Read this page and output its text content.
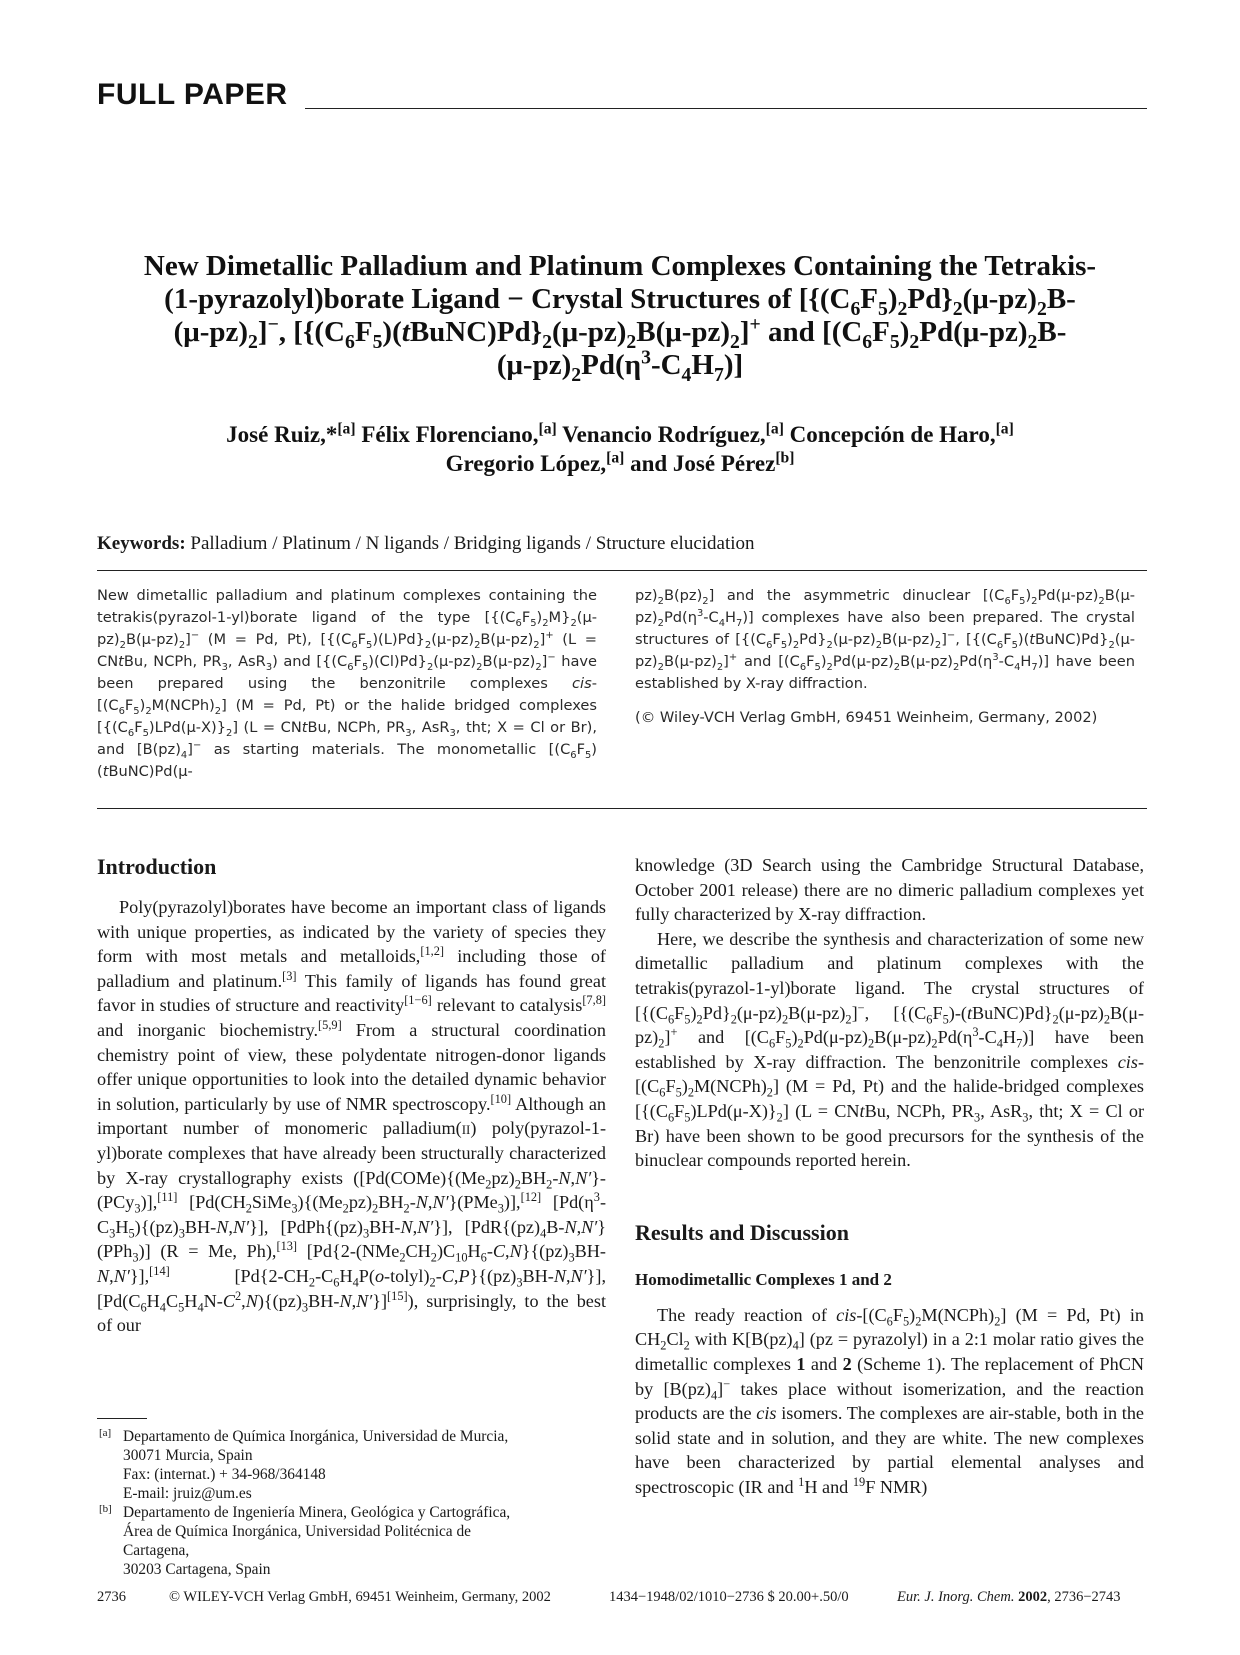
FULL PAPER
New Dimetallic Palladium and Platinum Complexes Containing the Tetrakis-
(1-pyrazolyl)borate Ligand − Crystal Structures of [$\{(C_6F_5)_2Pd\}_2(\mu-pz)_2B-$
$(\mu-pz)_2]^-$, $[\{(C_6F_5)(tBuNC)Pd\}_2(\mu-pz)_2B(\mu-pz)_2]^+$ and [$(C_6F_5)_2Pd(\mu-pz)_2B-$
$(\mu-pz)_2Pd(\eta^3-C_4H_7)$]
José Ruiz,*[a] Félix Florenciano,[a] Venancio Rodríguez,[a] Concepción de Haro,[a]
Gregorio López,[a] and José Pérez[b]
Keywords: Palladium / Platinum / N ligands / Bridging ligands / Structure elucidation

New dimetallic palladium and platinum complexes containing the tetrakis(pyrazol-1-yl)borate ligand of the type $[\{(C_6F_5)_2M\}_2(\mu-pz)_2B(\mu-pz)_2]^-$ (M = Pd, Pt), $[\{(C_6F_5)(L)Pd\}_2(\mu-pz)_2B(\mu-pz)_2]^+$ (L = CNtBu, NCPh, $PR_3$, AsR$_3$) and $[\{(C_6F_5)(Cl)Pd\}_2(\mu-pz)_2B(\mu-pz)_2]^-$ have been prepared using the benzonitrile complexes cis-$[(C_6F_5)_2M(NCPh)_2] (M = Pd$, Pt) or the halide bridged complexes $[\{(C_6F_5)LPd(\mu-X)\}_2] (L$ = CNtBu, NCPh, $PR_3$, AsR$_3$, tht; X = Cl or Br), and $[B(pz)_4]^-$ as starting materials. The monometallic [$(C_6F_5)(tBuNC)Pd(\mu-$

$pz)_2B(pz)_2$] and the asymmetric dinuclear $[(C_6F_5)_2Pd(\mu-pz)_2B(\mu-pz)_2Pd(\eta^3-C_4H_7)]$ complexes have also been prepared. The crystal structures of $[\{(C_6F_5)_2Pd\}_2(\mu-pz)_2B(\mu-pz)_2]^-$, $[\{(C_6F_5)(tBuNC)Pd\}_2(\mu-pz)_2B(\mu-pz)_2]^+$ and $[(C_6F_5)_2Pd(\mu-pz)_2B(\mu-pz)_2Pd(\eta^3-C_4H_7)]$ have been established by X-ray diffraction.

(© Wiley-VCH Verlag GmbH, 69451 Weinheim, Germany, 2002)

Introduction

Poly(pyrazolyl)borates have become an important class of ligands with unique properties, as indicated by the variety of species they form with most metals and metalloids,[1,2] including those of palladium and platinum.[3] This family of ligands has found great favor in studies of structure and reactivity[1−6] relevant to catalysis[7,8] and inorganic biochemistry.[5,9] From a structural coordination chemistry point of view, these polydentate nitrogen-donor ligands offer unique opportunities to look into the detailed dynamic behavior in solution, particularly by use of NMR spectroscopy.[10] Although an important number of monomeric palladium(ii) poly(pyrazol-1-yl)borate complexes that have already been structurally characterized by X-ray crystallography exists ($[Pd(COMe)\{(Me_2pz)_2BH_2-N,N'\}-(PCy_3)],[11]$ $[Pd(CH_2SiMe_3)\{(Me_2pz)_2BH_2-N,N'\}(PMe_3)],[12]$ $[Pd(\eta^3-C_3H_5)\{(pz)_3BH-N,N'\}]$, $[PdPh\{(pz)_3BH-N,N'\}]$, $[PdR\{(pz)_4B-N,N'\}(PPh_3)] (R = Me$, Ph),[13] $[Pd\{2-(NMe_2CH_2)C_{10}H_6-C,N\}\{(pz)_3BH-N,N'\}],[14]$ $[Pd\{2-CH_2-C_6H_4P(o-tolyl)_2-C,P\}\{(pz)_3BH-N,N'\}]$, $[Pd(C_6H_4C_5H_4N-C^2,N)\{(pz)_3BH-N,N'\}][15]$), surprisingly, to the best of our

[a] Departamento de Química Inorgánica, Universidad de Murcia,
30071 Murcia, Spain
Fax: (internat.) + 34-968/364148
E-mail: jruiz@um.es
[b] Departamento de Ingeniería Minera, Geológica y Cartográfica,
Área de Química Inorgánica, Universidad Politécnica de
Cartagena,
30203 Cartagena, Spain

knowledge (3D Search using the Cambridge Structural Database, October 2001 release) there are no dimeric palladium complexes yet fully characterized by X-ray diffraction.

Here, we describe the synthesis and characterization of some new dimetallic palladium and platinum complexes with the tetrakis(pyrazol-1-yl)borate ligand. The crystal structures of $[\{(C_6F_5)_2Pd\}_2(\mu-pz)_2B(\mu-pz)_2]^-$, $[\{(C_6F_5)-(tBuNC)Pd\}_2(\mu-pz)_2B(\mu-pz)_2]^+$ and $[(C_6F_5)_2Pd(\mu-pz)_2B(\mu-pz)_2Pd(\eta^3-C_4H_7)]$ have been established by X-ray diffraction. The benzonitrile complexes cis-$[(C_6F_5)_2M(NCPh)_2] (M = Pd$, Pt) and the halide-bridged complexes $[\{(C_6F_5)LPd(\mu-X)\}_2] (L$ = CNtBu, NCPh, $PR_3$, AsR$_3$, tht; X = Cl or Br) have been shown to be good precursors for the synthesis of the binuclear compounds reported herein.

Results and Discussion

Homodimetallic Complexes 1 and 2

The ready reaction of cis-$[(C_6F_5)_2M(NCPh)_2] (M = Pd$, Pt) in $CH_2Cl_2$ with $K[B(pz)_4] (pz$ = pyrazolyl) in a 2:1 molar ratio gives the dimetallic complexes 1 and 2 (Scheme 1). The replacement of PhCN by $[B(pz)_4]^-$ takes place without isomerization, and the reaction products are the cis isomers. The complexes are air-stable, both in the solid state and in solution, and they are white. The new complexes have been characterized by partial elemental analyses and spectroscopic (IR and $^1$H and $^{19}$F NMR)

2736	© WILEY-VCH Verlag GmbH, 69451 Weinheim, Germany, 2002	1434−1948/02/1010−2736 $ 20.00+.50/0	Eur. J. Inorg. Chem. 2002, 2736−2743
